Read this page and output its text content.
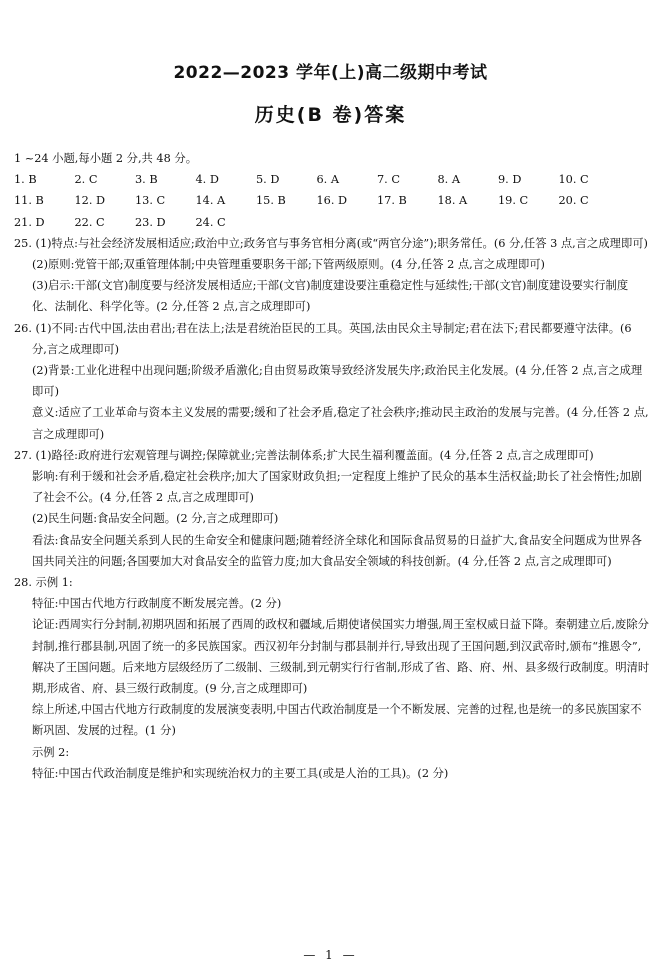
2022—2023 学年(上)高二级期中考试
历史(B 卷)答案
1 ~24 小题,每小题 2 分,共 48 分。
1. B	2. C	3. B	4. D	5. D	6. A	7. C	8. A	9. D	10. C
11. B	12. D	13. C	14. A	15. B	16. D	17. B	18. A	19. C	20. C
21. D	22. C	23. D	24. C
25. (1)特点:与社会经济发展相适应;政治中立;政务官与事务官相分离(或“两官分途”);职务常任。(6 分,任答 3 点,言之成理即可)
(2)原则:党管干部;双重管理体制;中央管理重要职务干部;下管两级原则。(4 分,任答 2 点,言之成理即可)
(3)启示:干部(文官)制度要与经济发展相适应;干部(文官)制度建设要注重稳定性与延续性;干部(文官)制度建设要实行制度化、法制化、科学化等。(2 分,任答 2 点,言之成理即可)
26. (1)不同:古代中国,法由君出;君在法上;法是君统治臣民的工具。英国,法由民众主导制定;君在法下;君民都要遵守法律。(6 分,言之成理即可)
(2)背景:工业化进程中出现问题;阶级矛盾激化;自由贸易政策导致经济发展失序;政治民主化发展。(4 分,任答 2 点,言之成理即可)
意义:适应了工业革命与资本主义发展的需要;缓和了社会矛盾,稳定了社会秩序;推动民主政治的发展与完善。(4 分,任答 2 点,言之成理即可)
27. (1)路径:政府进行宏观管理与调控;保障就业;完善法制体系;扩大民生福利覆盖面。(4 分,任答 2 点,言之成理即可)
影响:有利于缓和社会矛盾,稳定社会秩序;加大了国家财政负担;一定程度上维护了民众的基本生活权益;助长了社会惰性;加剧了社会不公。(4 分,任答 2 点,言之成理即可)
(2)民生问题:食品安全问题。(2 分,言之成理即可)
看法:食品安全问题关系到人民的生命安全和健康问题;随着经济全球化和国际食品贸易的日益扩大,食品安全问题成为世界各国共同关注的问题;各国要加大对食品安全的监管力度;加大食品安全领域的科技创新。(4 分,任答 2 点,言之成理即可)
28. 示例 1:
特征:中国古代地方行政制度不断发展完善。(2 分)
论证:西周实行分封制,初期巩固和拓展了西周的政权和疆域,后期使诸侯国实力增强,周王室权威日益下降。秦朝建立后,废除分封制,推行郡县制,巩固了统一的多民族国家。西汉初年分封制与郡县制并行,导致出现了王国问题,到汉武帝时,颁布“推恩令”,解决了王国问题。后来地方层级经历了二级制、三级制,到元朝实行行省制,形成了省、路、府、州、县多级行政制度。明清时期,形成省、府、县三级行政制度。(9 分,言之成理即可)
综上所述,中国古代地方行政制度的发展演变表明,中国古代政治制度是一个不断发展、完善的过程,也是统一的多民族国家不断巩固、发展的过程。(1 分)
示例 2:
特征:中国古代政治制度是维护和实现统治权力的主要工具(或是人治的工具)。(2 分)
— 1 —
